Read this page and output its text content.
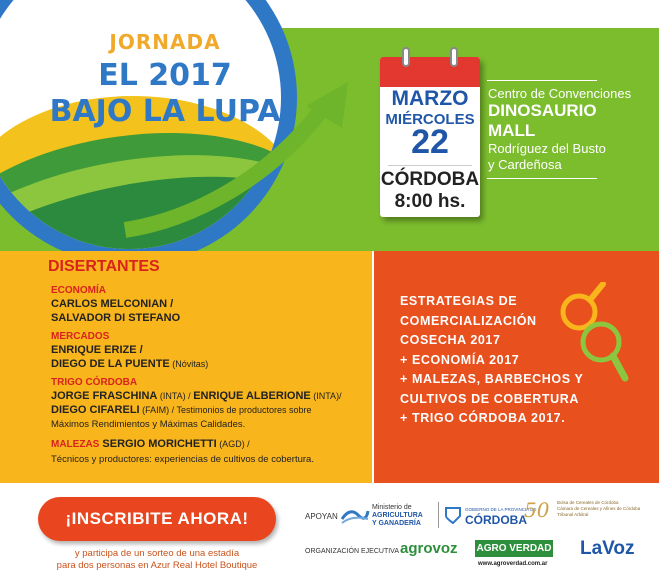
JORNADA
EL 2017
BAJO LA LUPA	MARZO
MIÉRCOLES
22
CÓRDOBA
8:00 hs.
Centro de Convenciones
DINOSAURIO
MALL
Rodríguez del Busto
y Cardeñosa
DISERTANTES
ECONOMÍA
CARLOS MELCONIAN /
SALVADOR DI STEFANO
MERCADOS
ENRIQUE ERIZE /
DIEGO DE LA PUENTE (Nóvitas)
TRIGO CÓRDOBA
JORGE FRASCHINA (INTA) / ENRIQUE ALBERIONE (INTA)/
DIEGO CIFARELI (FAIM) / Testimonios de productores sobre
Máximos Rendimientos y Máximas Calidades.
MALEZAS SERGIO MORICHETTI (AGD) /
Técnicos y productores: experiencias de cultivos de cobertura.
ESTRATEGIAS DE
COMERCIALIZACIÓN
COSECHA 2017
+ ECONOMÍA 2017
+ MALEZAS, BARBECHOS Y
CULTIVOS DE COBERTURA
+ TRIGO CÓRDOBA 2017.
¡INSCRIBITE AHORA!
y participa de un sorteo de una estadía
para dos personas en Azur Real Hotel Boutique
APOYAN
Ministerio de
AGRICULTURA
Y GANADERÍA
GOBIERNO DE LA PROVINCIA DE
CÓRDOBA
50 Bolsa de Cereales de Córdoba
Cámara de Cereales y Afines de Córdoba
Tribunal Arbitral
ORGANIZACIÓN EJECUTIVA agrovoz AGRO VERDAD
www.agroverdad.com.ar
LaVoz
